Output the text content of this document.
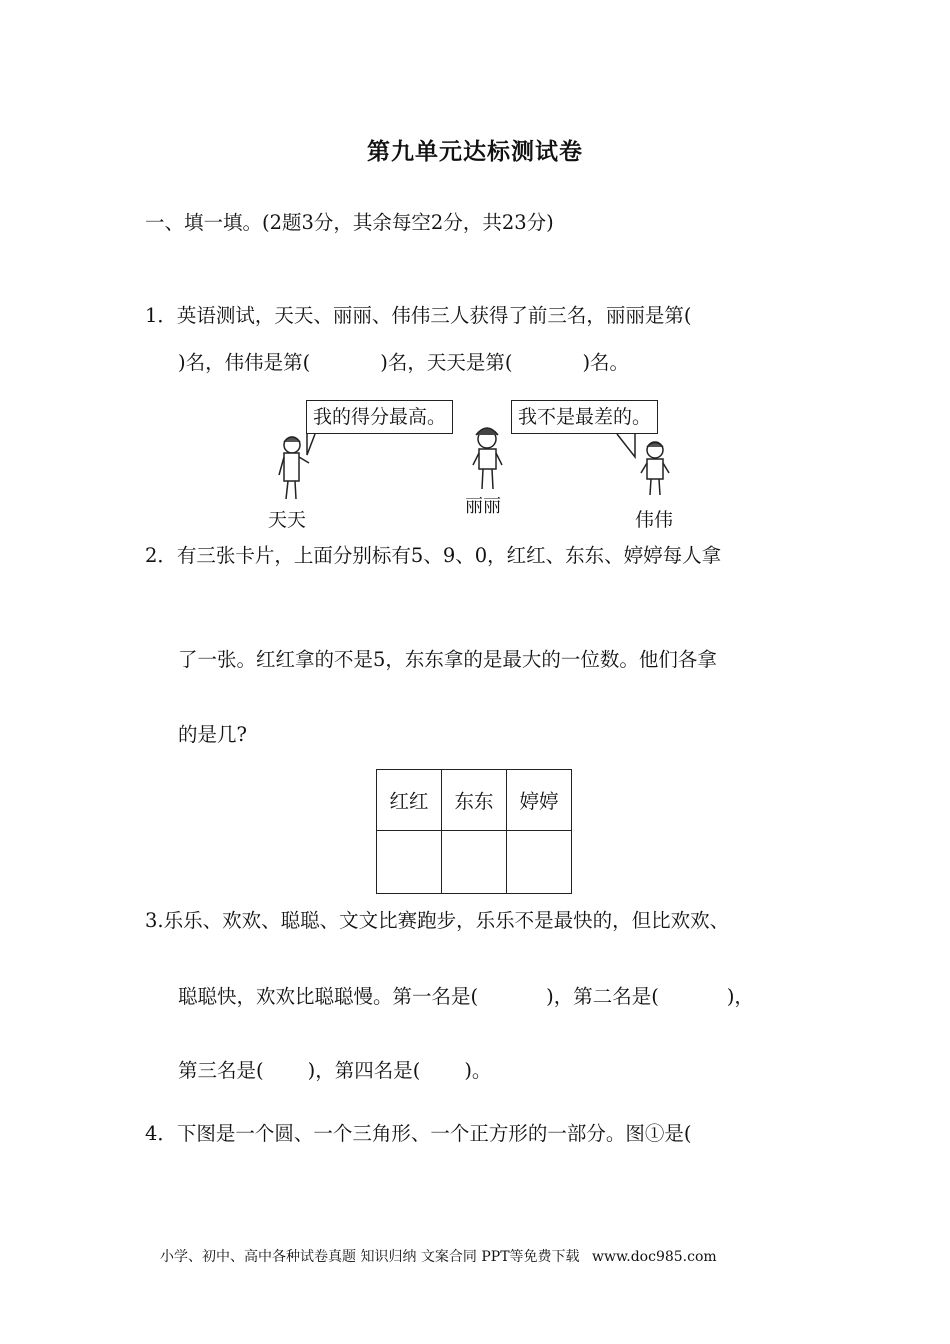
第九单元达标测试卷
一、填一填。(2题3分，其余每空2分，共23分)
1．英语测试，天天、丽丽、伟伟三人获得了前三名，丽丽是第(
)名，伟伟是第(	)名，天天是第(	)名。
我的得分最高。	我不是最差的。
天天
丽丽
伟伟
2．有三张卡片，上面分别标有5、9、0，红红、东东、婷婷每人拿
了一张。红红拿的不是5，东东拿的是最大的一位数。他们各拿
的是几?
红红	东东	婷婷

3.乐乐、欢欢、聪聪、文文比赛跑步，乐乐不是最快的，但比欢欢、
聪聪快，欢欢比聪聪慢。第一名是(	)，第二名是(	)，
第三名是( )，第四名是( )。
4．下图是一个圆、一个三角形、一个正方形的一部分。图①是(
小学、初中、高中各种试卷真题 知识归纳 文案合同 PPT等免费下载 www.doc985.com
